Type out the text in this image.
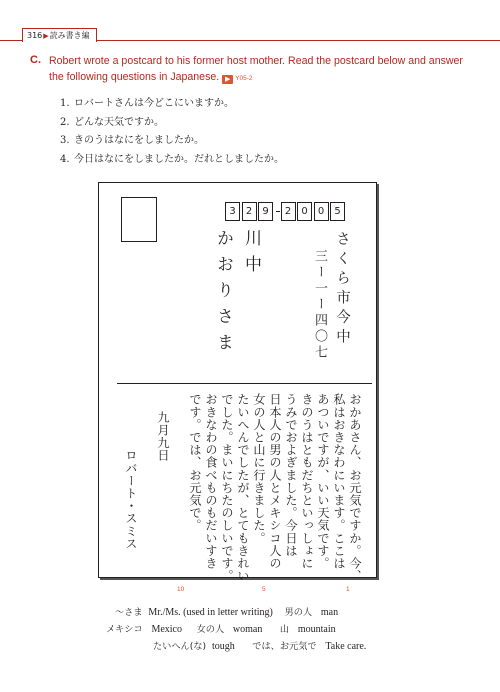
316▶読み書き編
C. Robert wrote a postcard to his former host mother. Read the postcard below and answer the following questions in Japanese. ▶ Y05-2
1. ロバートさんは今どこにいますか。
2. どんな天気ですか。
3. きのうはなにをしましたか。
4. 今日はなにをしましたか。だれとしましたか。
3	2	9	2	0	0	5
さくら市今中
三ー一ー四〇七
川中
かおりさま
おかあさん、お元気ですか。今、
私はおきなわにいます。ここは
あついですが、いい天気です。
きのうはともだちといっしょに
うみでおよぎました。今日は
日本人の男の人とメキシコ人の
女の人と山に行きました。
たいへんでしたが、とてもきれい
でした。まいにちたのしいです。
おきなわの食べものもだいすき
です。では、お元気で。
九月九日
ロバート・スミス
10	5	1
〜さま Mr./Ms. (used in letter writing) 男の人 man
メキシコ Mexico 女の人 woman 山 mountain
たいへん(な) tough では、お元気で Take care.
